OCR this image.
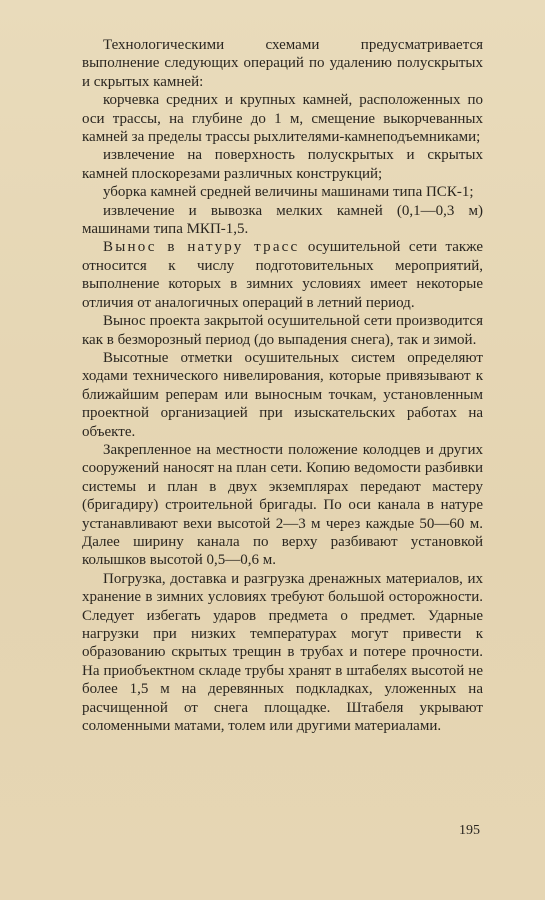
Технологическими схемами предусматривается выполнение следующих операций по удалению полускрытых и скрытых камней:

корчевка средних и крупных камней, расположенных по оси трассы, на глубине до 1 м, смещение выкорчеванных камней за пределы трассы рыхлителями-камнеподъемниками;

извлечение на поверхность полускрытых и скрытых камней плоскорезами различных конструкций;

уборка камней средней величины машинами типа ПСК-1;

извлечение и вывозка мелких камней (0,1—0,3 м) машинами типа МКП-1,5.

Вынос в натуру трасс осушительной сети также относится к числу подготовительных мероприятий, выполнение которых в зимних условиях имеет некоторые отличия от аналогичных операций в летний период.

Вынос проекта закрытой осушительной сети производится как в безморозный период (до выпадения снега), так и зимой.

Высотные отметки осушительных систем определяют ходами технического нивелирования, которые привязывают к ближайшим реперам или выносным точкам, установленным проектной организацией при изыскательских работах на объекте.

Закрепленное на местности положение колодцев и других сооружений наносят на план сети. Копию ведомости разбивки системы и план в двух экземплярах передают мастеру (бригадиру) строительной бригады. По оси канала в натуре устанавливают вехи высотой 2—3 м через каждые 50—60 м. Далее ширину канала по верху разбивают установкой колышков высотой 0,5—0,6 м.

Погрузка, доставка и разгрузка дренажных материалов, их хранение в зимних условиях требуют большой осторожности. Следует избегать ударов предмета о предмет. Ударные нагрузки при низких температурах могут привести к образованию скрытых трещин в трубах и потере прочности. На приобъектном складе трубы хранят в штабелях высотой не более 1,5 м на деревянных подкладках, уложенных на расчищенной от снега площадке. Штабеля укрывают соломенными матами, толем или другими материалами.

195
